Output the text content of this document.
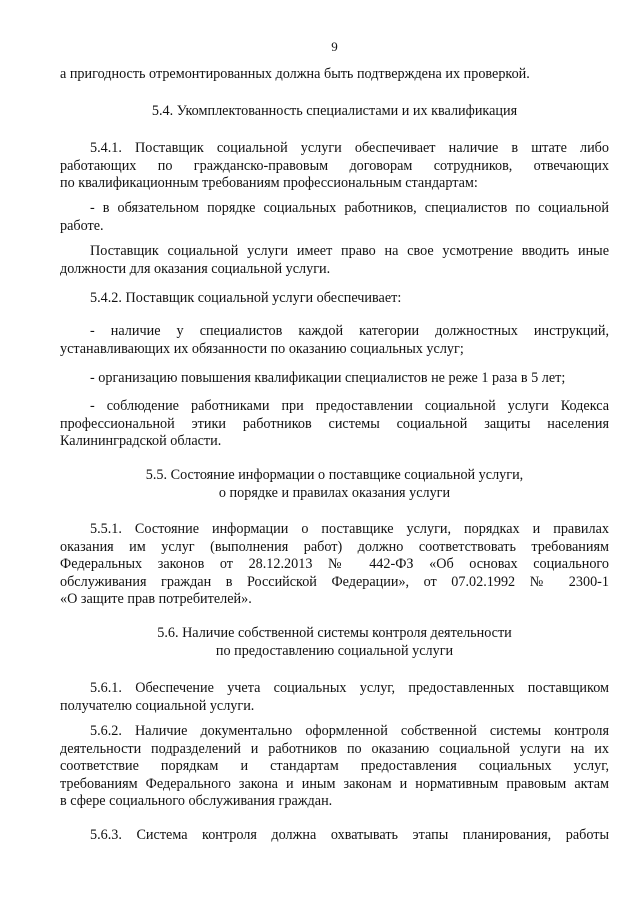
9

а пригодность отремонтированных должна быть подтверждена их проверкой.

5.4. Укомплектованность специалистами и их квалификация

5.4.1. Поставщик социальной услуги обеспечивает наличие в штате либо
работающих по гражданско-правовым договорам сотрудников, отвечающих
по квалификационным требованиям профессиональным стандартам:

- в обязательном порядке социальных работников, специалистов по социальной
работе.

Поставщик социальной услуги имеет право на свое усмотрение вводить иные
должности для оказания социальной услуги.

5.4.2. Поставщик социальной услуги обеспечивает:

- наличие у специалистов каждой категории должностных инструкций,
устанавливающих их обязанности по оказанию социальных услуг;

- организацию повышения квалификации специалистов не реже 1 раза в 5 лет;

- соблюдение работниками при предоставлении социальной услуги Кодекса
профессиональной этики работников системы социальной защиты населения
Калининградской области.

5.5. Состояние информации о поставщике социальной услуги,
о порядке и правилах оказания услуги

5.5.1. Состояние информации о поставщике услуги, порядках и правилах
оказания им услуг (выполнения работ) должно соответствовать требованиям
Федеральных законов от 28.12.2013 № 442-ФЗ «Об основах социального
обслуживания граждан в Российской Федерации», от 07.02.1992 № 2300-1
«О защите прав потребителей».

5.6. Наличие собственной системы контроля деятельности
по предоставлению социальной услуги

5.6.1. Обеспечение учета социальных услуг, предоставленных поставщиком
получателю социальной услуги.

5.6.2. Наличие документально оформленной собственной системы контроля
деятельности подразделений и работников по оказанию социальной услуги на их
соответствие порядкам и стандартам предоставления социальных услуг,
требованиям Федерального закона и иным законам и нормативным правовым актам
в сфере социального обслуживания граждан.

5.6.3. Система контроля должна охватывать этапы планирования, работы
